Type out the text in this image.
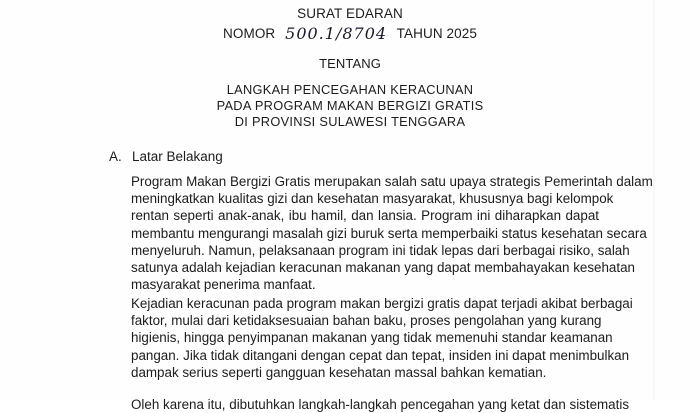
SURAT EDARAN
NOMOR 500.1/8704 TAHUN 2025
TENTANG
LANGKAH PENCEGAHAN KERACUNAN
PADA PROGRAM MAKAN BERGIZI GRATIS
DI PROVINSI SULAWESI TENGGARA
A. Latar Belakang
Program Makan Bergizi Gratis merupakan salah satu upaya strategis Pemerintah dalam
meningkatkan kualitas gizi dan kesehatan masyarakat, khususnya bagi kelompok
rentan seperti anak-anak, ibu hamil, dan lansia. Program ini diharapkan dapat
membantu mengurangi masalah gizi buruk serta memperbaiki status kesehatan secara
menyeluruh. Namun, pelaksanaan program ini tidak lepas dari berbagai risiko, salah
satunya adalah kejadian keracunan makanan yang dapat membahayakan kesehatan
masyarakat penerima manfaat.
Kejadian keracunan pada program makan bergizi gratis dapat terjadi akibat berbagai
faktor, mulai dari ketidaksesuaian bahan baku, proses pengolahan yang kurang
higienis, hingga penyimpanan makanan yang tidak memenuhi standar keamanan
pangan. Jika tidak ditangani dengan cepat dan tepat, insiden ini dapat menimbulkan
dampak serius seperti gangguan kesehatan massal bahkan kematian.
Oleh karena itu, dibutuhkan langkah-langkah pencegahan yang ketat dan sistematis
